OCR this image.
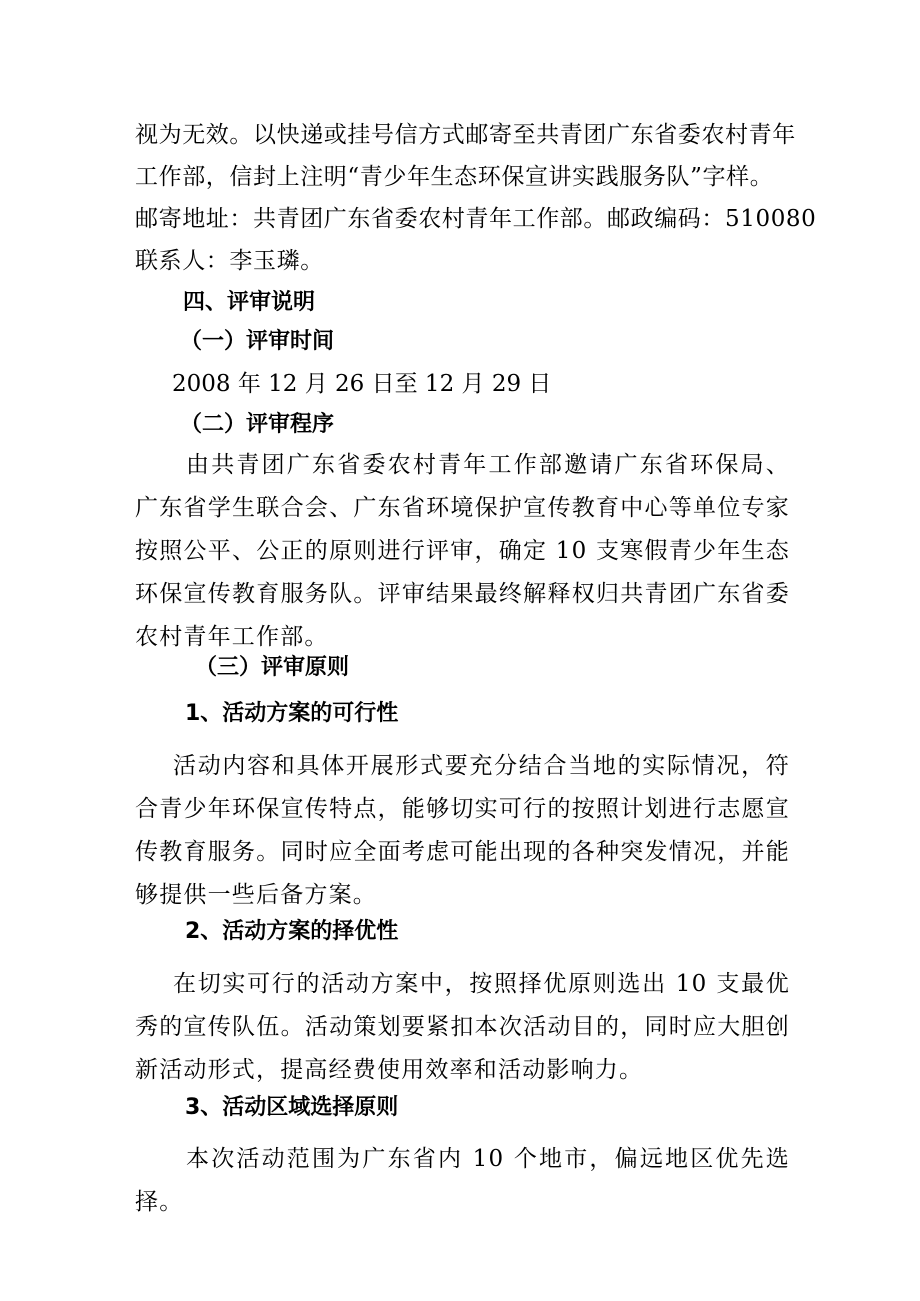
视为无效。以快递或挂号信方式邮寄至共青团广东省委农村青年
工作部，信封上注明“青少年生态环保宣讲实践服务队”字样。
邮寄地址：共青团广东省委农村青年工作部。邮政编码：510080
联系人：李玉璘。
四、评审说明
（一）评审时间
2008 年 12 月 26 日至 12 月 29 日
（二）评审程序
由共青团广东省委农村青年工作部邀请广东省环保局、广东省学生联合会、广东省环境保护宣传教育中心等单位专家按照公平、公正的原则进行评审，确定 10 支寒假青少年生态环保宣传教育服务队。评审结果最终解释权归共青团广东省委农村青年工作部。
（三）评审原则
1、活动方案的可行性
活动内容和具体开展形式要充分结合当地的实际情况，符合青少年环保宣传特点，能够切实可行的按照计划进行志愿宣传教育服务。同时应全面考虑可能出现的各种突发情况，并能够提供一些后备方案。
2、活动方案的择优性
在切实可行的活动方案中，按照择优原则选出 10 支最优秀的宣传队伍。活动策划要紧扣本次活动目的，同时应大胆创新活动形式，提高经费使用效率和活动影响力。
3、活动区域选择原则
本次活动范围为广东省内 10 个地市，偏远地区优先选择。
